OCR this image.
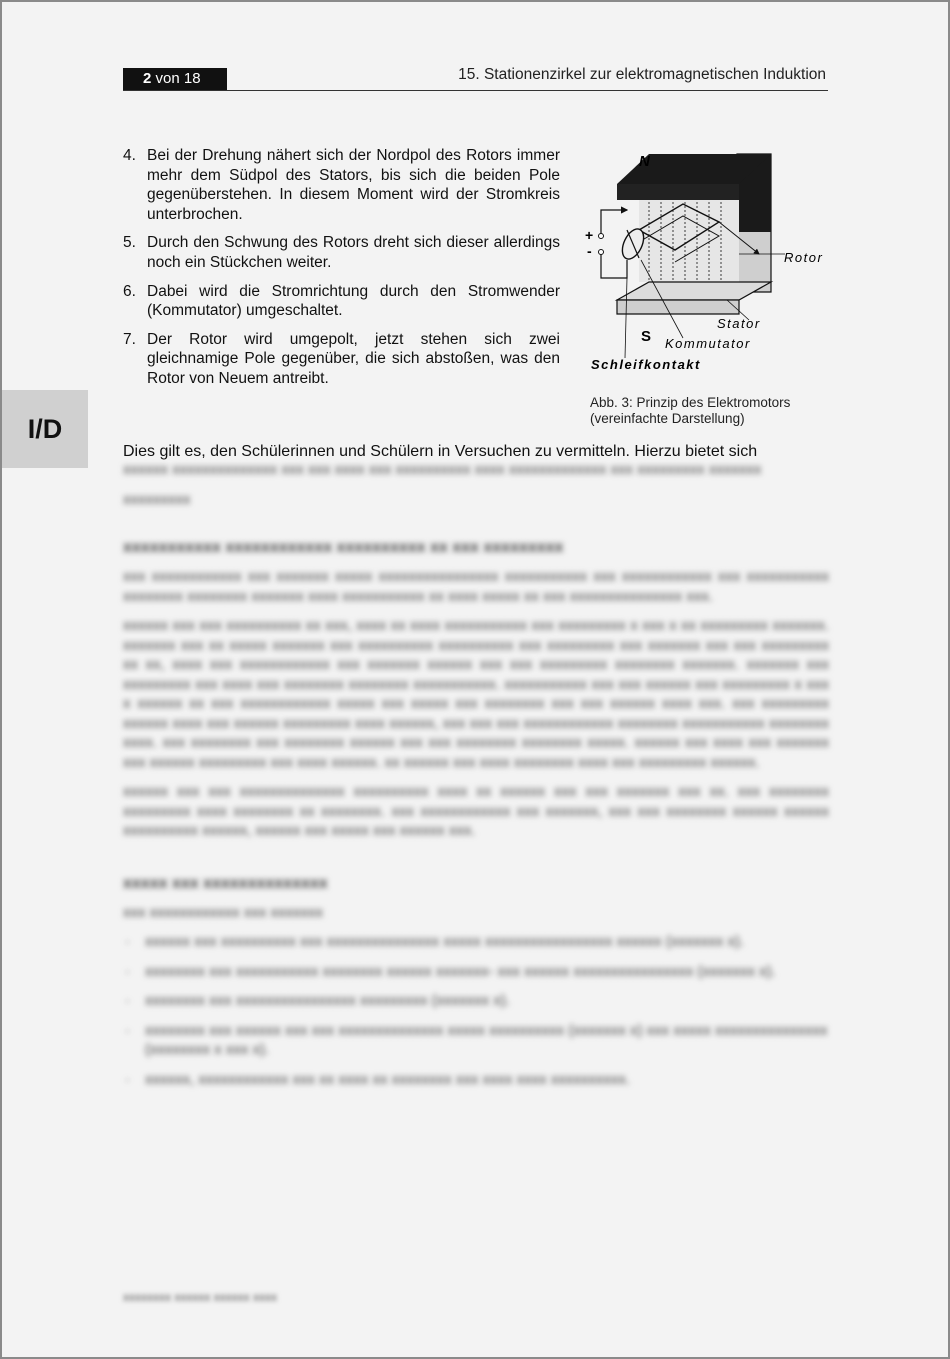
2 von 18	15. Stationenzirkel zur elektromagnetischen Induktion
4. Bei der Drehung nähert sich der Nordpol des Rotors immer mehr dem Südpol des Stators, bis sich die beiden Pole gegenüberstehen. In diesem Moment wird der Stromkreis unterbrochen.
5. Durch den Schwung des Rotors dreht sich dieser allerdings noch ein Stückchen weiter.
6. Dabei wird die Stromrichtung durch den Stromwender (Kommutator) umgeschaltet.
7. Der Rotor wird umgepolt, jetzt stehen sich zwei gleichnamige Pole gegenüber, die sich abstoßen, was den Rotor von Neuem antreibt.
N
S
+
-	Rotor
Stator
Kommutator
Schleifkontakt
Abb. 3: Prinzip des Elektromotors
(vereinfachte Darstellung)
Dies gilt es, den Schülerinnen und Schülern in Versuchen zu vermitteln. Hierzu bietet sich

​xxxxxx xxxxxxxxxxxxxx xxx xxx xxxx xxx xxxxxxxxxx xxxx xxxxxxxxxxxxx xxx xxxxxxxxx xxxxxxx

xxxxxxxxx

xxxxxxxxxxx xxxxxxxxxxxx xxxxxxxxxx xx xxx xxxxxxxxx

xxx xxxxxxxxxxxx xxx xxxxxxx xxxxx xxxxxxxxxxxxxxxx xxxxxxxxxxx xxx xxxxxxxxxxxx xxx xxxxxxxxxxx xxxxxxxx xxxxxxxx xxxxxxx xxxx xxxxxxxxxxx xx xxxx xxxxx xx xxx xxxxxxxxxxxxxxx xxx.

xxxxxx xxx xxx xxxxxxxxxx xx xxx, xxxx xx xxxx xxxxxxxxxxx xxx xxxxxxxxx x xxx x xx xxxxxxxxx xxxxxxx. xxxxxxx xxx xx xxxxx xxxxxxx xxx xxxxxxxxxx xxxxxxxxxx xxx xxxxxxxxx xxx xxxxxxx xxx xxx xxxxxxxxx xx xx, xxxx xxx xxxxxxxxxxxx xxx xxxxxxx xxxxxx xxx xxx xxxxxxxxx xxxxxxxx xxxxxxx. xxxxxxx xxx xxxxxxxxx xxx xxxx xxx xxxxxxxx xxxxxxxx xxxxxxxxxxx. xxxxxxxxxxx xxx xxx xxxxxx xxx xxxxxxxxx x xxx x xxxxxx xx xxx xxxxxxxxxxxx xxxxx xxx xxxxx xxx xxxxxxxx xxx xxx xxxxxx xxxx xxx. xxx xxxxxxxxx xxxxxx xxxx xxx xxxxxx xxxxxxxxx xxxx xxxxxx, xxx xxx xxx xxxxxxxxxxxx xxxxxxxx xxxxxxxxxxx xxxxxxxx xxxx. xxx xxxxxxxx xxx xxxxxxxx xxxxxx xxx xxx xxxxxxxx xxxxxxxx xxxxx. xxxxxx xxx xxxx xxx xxxxxxx xxx xxxxxx xxxxxxxxx xxx xxxx xxxxxx. xx xxxxxx xxx xxxx xxxxxxxx xxxx xxx xxxxxxxxx xxxxxx.

xxxxxx xxx xxx xxxxxxxxxxxxxx xxxxxxxxxx xxxx xx xxxxxx xxx xxx xxxxxxx xxx xx. xxx xxxxxxxx xxxxxxxxx xxxx xxxxxxxx xx xxxxxxxx. xxx xxxxxxxxxxxx xxx xxxxxxx, xxx xxx xxxxxxxx xxxxxx xxxxxx xxxxxxxxxx xxxxxx, xxxxxx xxx xxxxx xxx xxxxxx xxx.

xxxxx xxx xxxxxxxxxxxxxx

xxx xxxxxxxxxxxx xxx xxxxxxx

· xxxxxx xxx xxxxxxxxxx xxx xxxxxxxxxxxxxxx xxxxx xxxxxxxxxxxxxxxxx xxxxxx (xxxxxxx x).
· xxxxxxxx xxx xxxxxxxxxxx xxxxxxxx xxxxxx xxxxxxx- xxx xxxxxx xxxxxxxxxxxxxxxx (xxxxxxx x).
· xxxxxxxx xxx xxxxxxxxxxxxxxxx xxxxxxxxx (xxxxxxx x).
· xxxxxxxx xxx xxxxxx xxx xxx xxxxxxxxxxxxxx xxxxx xxxxxxxxxx (xxxxxxx x) xxx xxxxx xxxxxxxxxxxxxxx (xxxxxxxx x xxx x).
· xxxxxx, xxxxxxxxxxxx xxx xx xxxx xx xxxxxxxx xxx xxxx xxxx xxxxxxxxxx.
xxxxxxxx xxxxxx xxxxxx xxxx
I/D
